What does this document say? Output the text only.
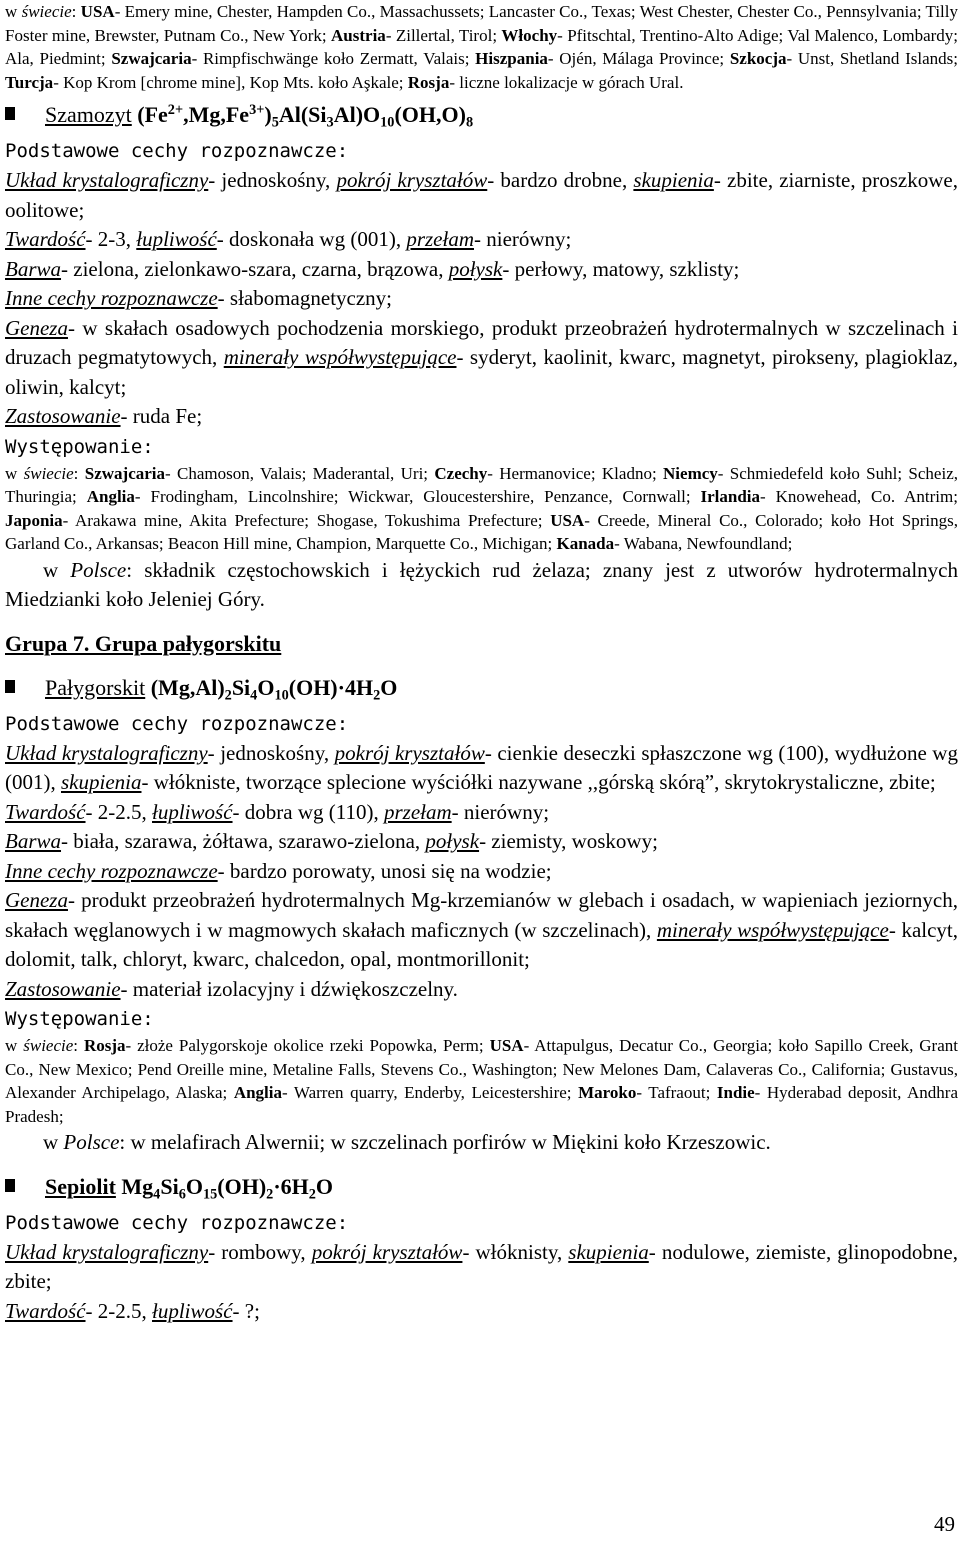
w świecie: USA- Emery mine, Chester, Hampden Co., Massachussets; Lancaster Co., Texas; West Chester, Chester Co., Pennsylvania; Tilly Foster mine, Brewster, Putnam Co., New York; Austria- Zillertal, Tirol; Włochy- Pfitschtal, Trentino-Alto Adige; Val Malenco, Lombardy; Ala, Piedmint; Szwajcaria- Rimpfischwänge koło Zermatt, Valais; Hiszpania- Ojén, Málaga Province; Szkocja- Unst, Shetland Islands; Turcja- Kop Krom [chrome mine], Kop Mts. koło Aşkale; Rosja- liczne lokalizacje w górach Ural.

Szamozyt $(Fe^{2+},Mg,Fe^{3+})_5Al(Si_3Al)O_{10}(OH,O)_8$

Podstawowe cechy rozpoznawcze:

Układ krystalograficzny- jednoskośny, pokrój kryształów- bardzo drobne, skupienia- zbite, ziarniste, proszkowe, oolitowe;

Twardość- 2-3, łupliwość- doskonała wg (001), przełam- nierówny;

Barwa- zielona, zielonkawo-szara, czarna, brązowa, połysk- perłowy, matowy, szklisty;

Inne cechy rozpoznawcze- słabomagnetyczny;

Geneza- w skałach osadowych pochodzenia morskiego, produkt przeobrażeń hydrotermalnych w szczelinach i druzach pegmatytowych, minerały współwystępujące- syderyt, kaolinit, kwarc, magnetyt, pirokseny, plagioklaz, oliwin, kalcyt;

Zastosowanie- ruda Fe;

Występowanie:

w świecie: Szwajcaria- Chamoson, Valais; Maderantal, Uri; Czechy- Hermanovice; Kladno; Niemcy- Schmiedefeld koło Suhl; Scheiz, Thuringia; Anglia- Frodingham, Lincolnshire; Wickwar, Gloucestershire, Penzance, Cornwall; Irlandia- Knowehead, Co. Antrim; Japonia- Arakawa mine, Akita Prefecture; Shogase, Tokushima Prefecture; USA- Creede, Mineral Co., Colorado; koło Hot Springs, Garland Co., Arkansas; Beacon Hill mine, Champion, Marquette Co., Michigan; Kanada- Wabana, Newfoundland;

w Polsce: składnik częstochowskich i łężyckich rud żelaza; znany jest z utworów hydrotermalnych Miedzianki koło Jeleniej Góry.

Grupa 7. Grupa pałygorskitu

Pałygorskit $(Mg,Al)_2Si_4O_{10}(OH)\cdot 4H_2O$

Podstawowe cechy rozpoznawcze:

Układ krystalograficzny- jednoskośny, pokrój kryształów- cienkie deseczki spłaszczone wg (100), wydłużone wg (001), skupienia- włókniste, tworzące splecione wyściółki nazywane ,,górską skórą”, skrytokrystaliczne, zbite;

Twardość- 2-2.5, łupliwość- dobra wg (110), przełam- nierówny;

Barwa- biała, szarawa, żółtawa, szarawo-zielona, połysk- ziemisty, woskowy;

Inne cechy rozpoznawcze- bardzo porowaty, unosi się na wodzie;

Geneza- produkt przeobrażeń hydrotermalnych Mg-krzemianów w glebach i osadach, w wapieniach jeziornych, skałach węglanowych i w magmowych skałach maficznych (w szczelinach), minerały współwystępujące- kalcyt, dolomit, talk, chloryt, kwarc, chalcedon, opal, montmorillonit;

Zastosowanie- materiał izolacyjny i dźwiękoszczelny.

Występowanie:

w świecie: Rosja- złoże Palygorskoje okolice rzeki Popowka, Perm; USA- Attapulgus, Decatur Co., Georgia; koło Sapillo Creek, Grant Co., New Mexico; Pend Oreille mine, Metaline Falls, Stevens Co., Washington; New Melones Dam, Calaveras Co., California; Gustavus, Alexander Archipelago, Alaska; Anglia- Warren quarry, Enderby, Leicestershire; Maroko- Tafraout; Indie- Hyderabad deposit, Andhra Pradesh;

w Polsce: w melafirach Alwernii; w szczelinach porfirów w Miękini koło Krzeszowic.

Sepiolit $Mg_4Si_6O_{15}(OH)_2\cdot 6H_2O$

Podstawowe cechy rozpoznawcze:

Układ krystalograficzny- rombowy, pokrój kryształów- włóknisty, skupienia- nodulowe, ziemiste, glinopodobne, zbite;

Twardość- 2-2.5, łupliwość- ?;

49
